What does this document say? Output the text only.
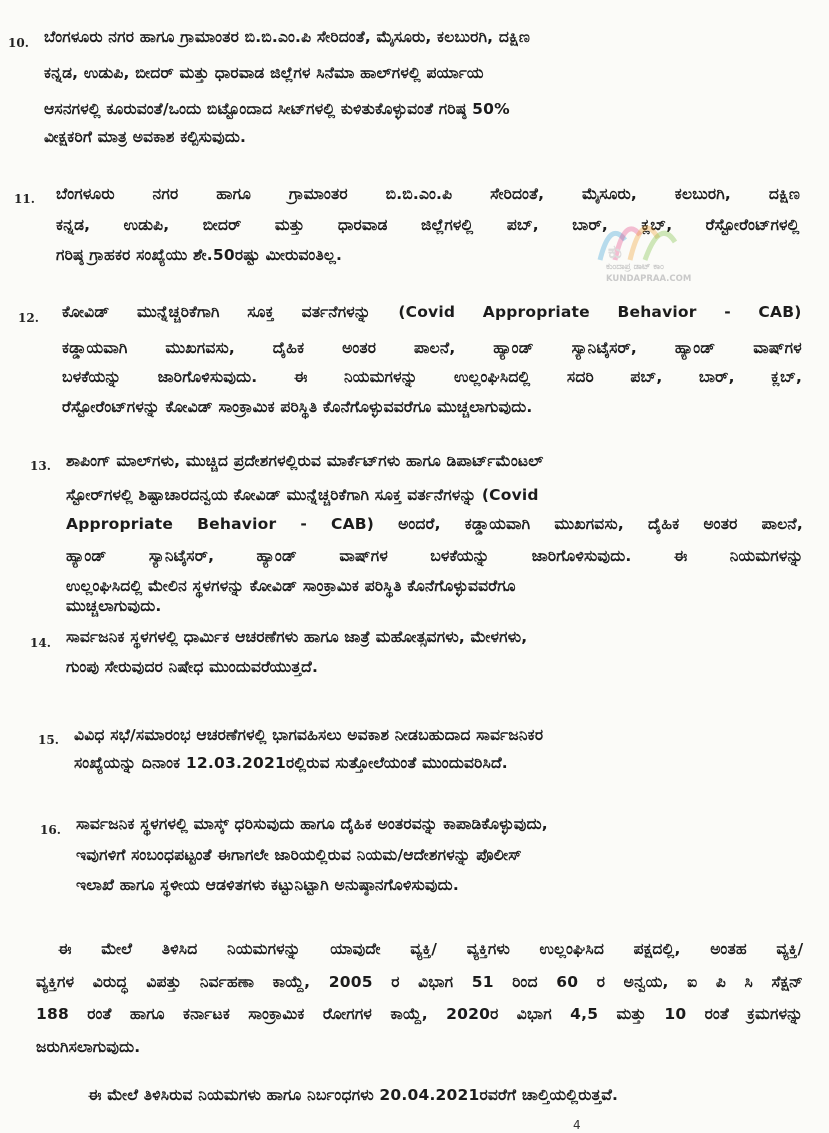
10. ಬೆಂಗಳೂರು ನಗರ ಹಾಗೂ ಗ್ರಾಮಾಂತರ ಬಿ.ಬಿ.ಎಂ.ಪಿ ಸೇರಿದಂತೆ, ಮೈಸೂರು, ಕಲಬುರಗಿ, ದಕ್ಷಿಣ
ಕನ್ನಡ, ಉಡುಪಿ, ಬೀದರ್ ಮತ್ತು ಧಾರವಾಡ ಜಿಲ್ಲೆಗಳ ಸಿನೆಮಾ ಹಾಲ್‌ಗಳಲ್ಲಿ ಪರ್ಯಾಯ
ಆಸನಗಳಲ್ಲಿ ಕೂರುವಂತೆ/ಒಂದು ಬಿಟ್ಟೊಂದಾದ ಸೀಟ್‌ಗಳಲ್ಲಿ ಕುಳಿತುಕೊಳ್ಳುವಂತೆ ಗರಿಷ್ಠ 50%
ವೀಕ್ಷಕರಿಗೆ ಮಾತ್ರ ಅವಕಾಶ ಕಲ್ಪಿಸುವುದು.
11. ಬೆಂಗಳೂರು ನಗರ ಹಾಗೂ ಗ್ರಾಮಾಂತರ ಬಿ.ಬಿ.ಎಂ.ಪಿ ಸೇರಿದಂತೆ, ಮೈಸೂರು, ಕಲಬುರಗಿ, ದಕ್ಷಿಣ
ಕನ್ನಡ, ಉಡುಪಿ, ಬೀದರ್ ಮತ್ತು ಧಾರವಾಡ ಜಿಲ್ಲೆಗಳಲ್ಲಿ ಪಬ್, ಬಾರ್, ಕ್ಲಬ್, ರೆಸ್ಟೋರೆಂಟ್‌ಗಳಲ್ಲಿ
ಗರಿಷ್ಠ ಗ್ರಾಹಕರ ಸಂಖ್ಯೆಯು ಶೇ.50ರಷ್ಟು ಮೀರುವಂತಿಲ್ಲ.	ಕು
ಕುಂದಾಪ್ರ ಡಾಟ್ ಕಾಂ
KUNDAPRAA.COM
12. ಕೋವಿಡ್ ಮುನ್ನೆಚ್ಚರಿಕೆಗಾಗಿ ಸೂಕ್ತ ವರ್ತನೆಗಳನ್ನು (Covid Appropriate Behavior - CAB)
ಕಡ್ಡಾಯವಾಗಿ ಮುಖಗವಸು, ದೈಹಿಕ ಅಂತರ ಪಾಲನೆ, ಹ್ಯಾಂಡ್ ಸ್ಯಾನಿಟೈಸರ್, ಹ್ಯಾಂಡ್ ವಾಷ್‌ಗಳ
ಬಳಕೆಯನ್ನು ಜಾರಿಗೊಳಿಸುವುದು. ಈ ನಿಯಮಗಳನ್ನು ಉಲ್ಲಂಘಿಸಿದಲ್ಲಿ ಸದರಿ ಪಬ್, ಬಾರ್, ಕ್ಲಬ್,
ರೆಸ್ಟೋರೆಂಟ್‌ಗಳನ್ನು ಕೋವಿಡ್ ಸಾಂಕ್ರಾಮಿಕ ಪರಿಸ್ಥಿತಿ ಕೊನೆಗೊಳ್ಳುವವರೆಗೂ ಮುಚ್ಚಲಾಗುವುದು.
13. ಶಾಪಿಂಗ್ ಮಾಲ್‌ಗಳು, ಮುಚ್ಚಿದ ಪ್ರದೇಶಗಳಲ್ಲಿರುವ ಮಾರ್ಕೆಟ್‌ಗಳು ಹಾಗೂ ಡಿಪಾರ್ಟ್‌ಮೆಂಟಲ್
ಸ್ಟೋರ್‌ಗಳಲ್ಲಿ ಶಿಷ್ಟಾಚಾರದನ್ವಯ ಕೋವಿಡ್ ಮುನ್ನೆಚ್ಚರಿಕೆಗಾಗಿ ಸೂಕ್ತ ವರ್ತನೆಗಳನ್ನು (Covid
Appropriate Behavior - CAB) ಅಂದರೆ, ಕಡ್ಡಾಯವಾಗಿ ಮುಖಗವಸು, ದೈಹಿಕ ಅಂತರ ಪಾಲನೆ,
ಹ್ಯಾಂಡ್ ಸ್ಯಾನಿಟೈಸರ್, ಹ್ಯಾಂಡ್ ವಾಷ್‌ಗಳ ಬಳಕೆಯನ್ನು ಜಾರಿಗೊಳಿಸುವುದು. ಈ ನಿಯಮಗಳನ್ನು
ಉಲ್ಲಂಘಿಸಿದಲ್ಲಿ ಮೇಲಿನ ಸ್ಥಳಗಳನ್ನು ಕೋವಿಡ್ ಸಾಂಕ್ರಾಮಿಕ ಪರಿಸ್ಥಿತಿ ಕೊನೆಗೊಳ್ಳುವವರೆಗೂ
ಮುಚ್ಚಲಾಗುವುದು.
14. ಸಾರ್ವಜನಿಕ ಸ್ಥಳಗಳಲ್ಲಿ ಧಾರ್ಮಿಕ ಆಚರಣೆಗಳು ಹಾಗೂ ಜಾತ್ರೆ ಮಹೋತ್ಸವಗಳು, ಮೇಳಗಳು,
ಗುಂಪು ಸೇರುವುದರ ನಿಷೇಧ ಮುಂದುವರೆಯುತ್ತದೆ.
15. ವಿವಿಧ ಸಭೆ/ಸಮಾರಂಭ ಆಚರಣೆಗಳಲ್ಲಿ ಭಾಗವಹಿಸಲು ಅವಕಾಶ ನೀಡಬಹುದಾದ ಸಾರ್ವಜನಿಕರ
ಸಂಖ್ಯೆಯನ್ನು ದಿನಾಂಕ 12.03.2021ರಲ್ಲಿರುವ ಸುತ್ತೋಲೆಯಂತೆ ಮುಂದುವರಿಸಿದೆ.
16. ಸಾರ್ವಜನಿಕ ಸ್ಥಳಗಳಲ್ಲಿ ಮಾಸ್ಕ್ ಧರಿಸುವುದು ಹಾಗೂ ದೈಹಿಕ ಅಂತರವನ್ನು ಕಾಪಾಡಿಕೊಳ್ಳುವುದು,
ಇವುಗಳಿಗೆ ಸಂಬಂಧಪಟ್ಟಂತೆ ಈಗಾಗಲೇ ಜಾರಿಯಲ್ಲಿರುವ ನಿಯಮ/ಆದೇಶಗಳನ್ನು ಪೊಲೀಸ್
ಇಲಾಖೆ ಹಾಗೂ ಸ್ಥಳೀಯ ಆಡಳಿತಗಳು ಕಟ್ಟುನಿಟ್ಟಾಗಿ ಅನುಷ್ಠಾನಗೊಳಿಸುವುದು.
ಈ ಮೇಲೆ ತಿಳಿಸಿದ ನಿಯಮಗಳನ್ನು ಯಾವುದೇ ವ್ಯಕ್ತಿ/ ವ್ಯಕ್ತಿಗಳು ಉಲ್ಲಂಘಿಸಿದ ಪಕ್ಷದಲ್ಲಿ, ಅಂತಹ ವ್ಯಕ್ತಿ/
ವ್ಯಕ್ತಿಗಳ ವಿರುದ್ಧ ವಿಪತ್ತು ನಿರ್ವಹಣಾ ಕಾಯ್ದೆ, 2005 ರ ವಿಭಾಗ 51 ರಿಂದ 60 ರ ಅನ್ವಯ, ಐ ಪಿ ಸಿ ಸೆಕ್ಷನ್
188 ರಂತೆ ಹಾಗೂ ಕರ್ನಾಟಕ ಸಾಂಕ್ರಾಮಿಕ ರೋಗಗಳ ಕಾಯ್ದೆ, 2020ರ ವಿಭಾಗ 4,5 ಮತ್ತು 10 ರಂತೆ ಕ್ರಮಗಳನ್ನು
ಜರುಗಿಸಲಾಗುವುದು.
ಈ ಮೇಲೆ ತಿಳಿಸಿರುವ ನಿಯಮಗಳು ಹಾಗೂ ನಿರ್ಬಂಧಗಳು 20.04.2021ರವರೆಗೆ ಚಾಲ್ತಿಯಲ್ಲಿರುತ್ತವೆ.
4
